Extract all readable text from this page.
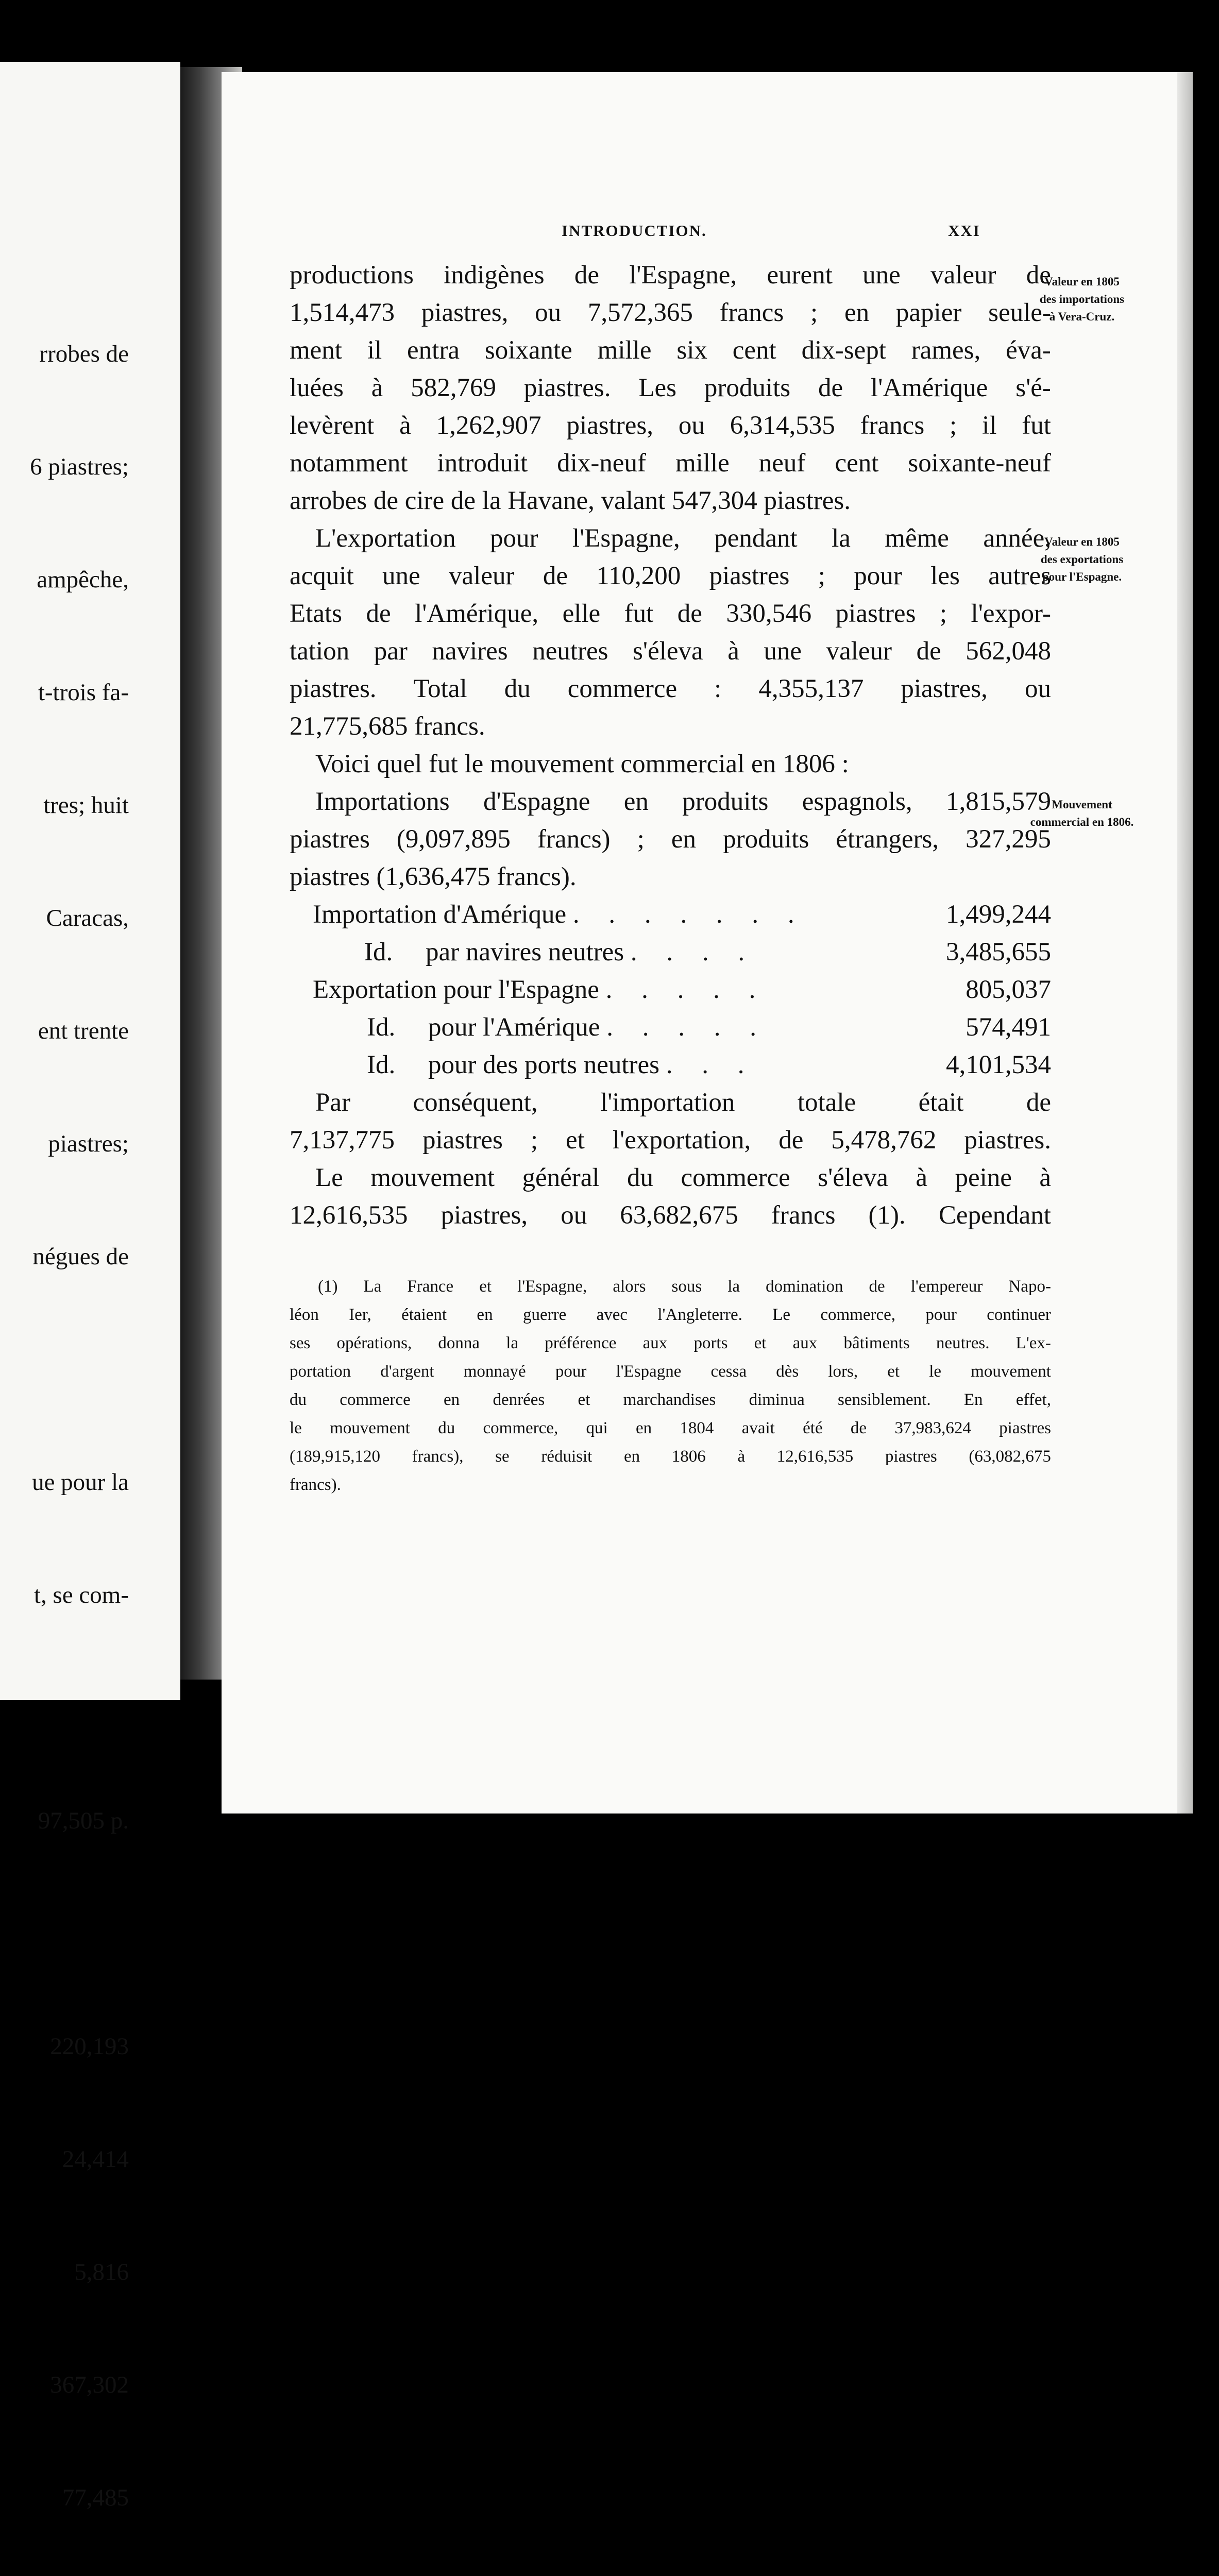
rrobes de

6 piastres;

ampêche,

t-trois fa-

tres; huit

Caracas,

ent trente

piastres;

négues de

ue pour la

t, se com-

97,505 p.

220,193

24,414

5,816

367,302

77,485

INTRODUCTION.	XXI
productions indigènes de l'Espagne, eurent une valeur de
1,514,473 piastres, ou 7,572,365 francs ; en papier seule-
ment il entra soixante mille six cent dix-sept rames, éva-
luées à 582,769 piastres. Les produits de l'Amérique s'é-
levèrent à 1,262,907 piastres, ou 6,314,535 francs ; il fut
notamment introduit dix-neuf mille neuf cent soixante-neuf
arrobes de cire de la Havane, valant 547,304 piastres.
L'exportation pour l'Espagne, pendant la même année,
acquit une valeur de 110,200 piastres ; pour les autres
Etats de l'Amérique, elle fut de 330,546 piastres ; l'expor-
tation par navires neutres s'éleva à une valeur de 562,048
piastres. Total du commerce : 4,355,137 piastres, ou
21,775,685 francs.
Voici quel fut le mouvement commercial en 1806 :
Importations d'Espagne en produits espagnols, 1,815,579
piastres (9,097,895 francs) ; en produits étrangers, 327,295
piastres (1,636,475 francs).
Importation d'Amérique . . . . . . .	1,499,244
Id.     par navires neutres . . . .	3,485,655
Exportation pour l'Espagne . . . . .	805,037
Id.     pour l'Amérique . . . . .	574,491
Id.     pour des ports neutres . . .	4,101,534
Par conséquent, l'importation totale était de
7,137,775 piastres ; et l'exportation, de 5,478,762 piastres.
Le mouvement général du commerce s'éleva à peine à
12,616,535 piastres, ou 63,682,675 francs (1). Cependant
Valeur en 1805
des importations
à Vera-Cruz.
Valeur en 1805
des exportations
pour l'Espagne.
Mouvement
commercial en 1806.
(1) La France et l'Espagne, alors sous la domination de l'empereur Napo-
léon Ier, étaient en guerre avec l'Angleterre. Le commerce, pour continuer
ses opérations, donna la préférence aux ports et aux bâtiments neutres. L'ex-
portation d'argent monnayé pour l'Espagne cessa dès lors, et le mouvement
du commerce en denrées et marchandises diminua sensiblement. En effet,
le mouvement du commerce, qui en 1804 avait été de 37,983,624 piastres
(189,915,120 francs), se réduisit en 1806 à 12,616,535 piastres (63,082,675
francs).
